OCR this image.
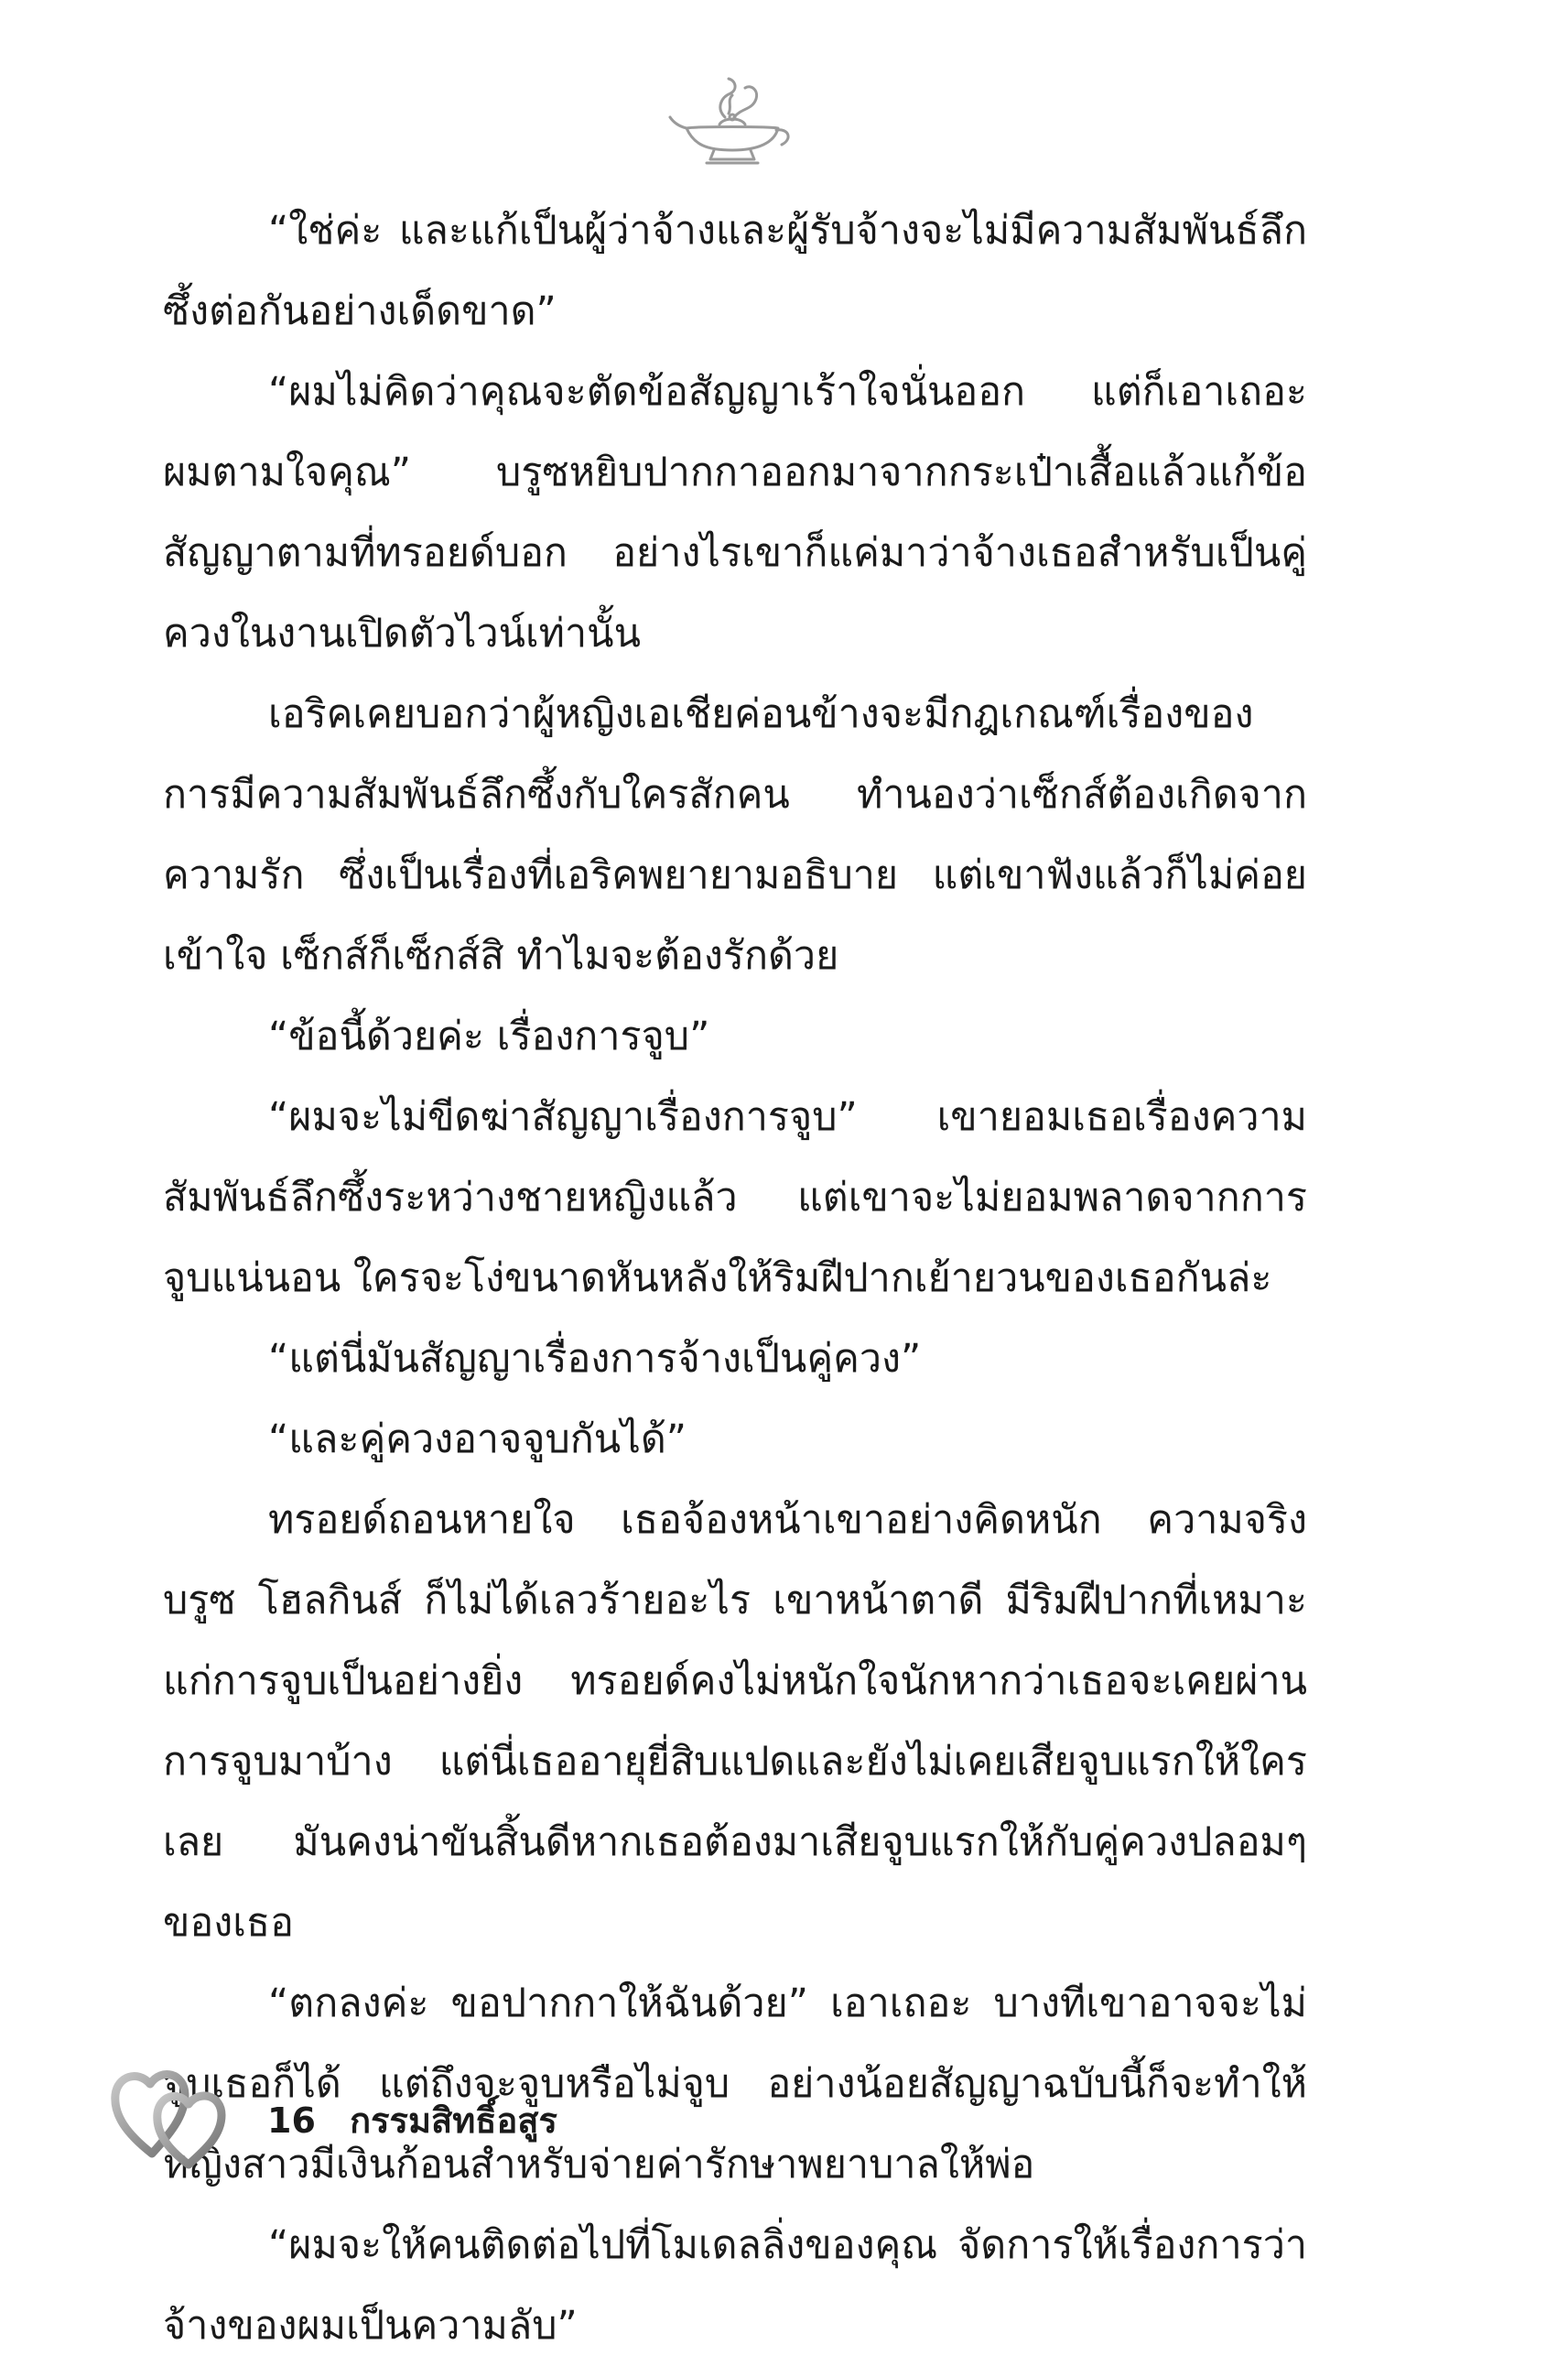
“ใช่ค่ะ และแก้เป็นผู้ว่าจ้างและผู้รับจ้างจะไม่มีความสัมพันธ์ลึกซึ้งต่อกันอย่างเด็ดขาด”

“ผมไม่คิดว่าคุณจะตัดข้อสัญญาเร้าใจนั่นออก แต่ก็เอาเถอะ ผมตามใจคุณ” บรูซหยิบปากกาออกมาจากกระเป๋าเสื้อแล้วแก้ข้อสัญญาตามที่ทรอยด์บอก อย่างไรเขาก็แค่มาว่าจ้างเธอสำหรับเป็นคู่ควงในงานเปิดตัวไวน์เท่านั้น

เอริคเคยบอกว่าผู้หญิงเอเชียค่อนข้างจะมีกฎเกณฑ์เรื่องของการมีความสัมพันธ์ลึกซึ้งกับใครสักคน ทำนองว่าเซ็กส์ต้องเกิดจากความรัก ซึ่งเป็นเรื่องที่เอริคพยายามอธิบาย แต่เขาฟังแล้วก็ไม่ค่อยเข้าใจ เซ็กส์ก็เซ็กส์สิ ทำไมจะต้องรักด้วย

“ข้อนี้ด้วยค่ะ เรื่องการจูบ”

“ผมจะไม่ขีดฆ่าสัญญาเรื่องการจูบ” เขายอมเธอเรื่องความสัมพันธ์ลึกซึ้งระหว่างชายหญิงแล้ว แต่เขาจะไม่ยอมพลาดจากการจูบแน่นอน ใครจะโง่ขนาดหันหลังให้ริมฝีปากเย้ายวนของเธอกันล่ะ

“แต่นี่มันสัญญาเรื่องการจ้างเป็นคู่ควง”

“และคู่ควงอาจจูบกันได้”

ทรอยด์ถอนหายใจ เธอจ้องหน้าเขาอย่างคิดหนัก ความจริง บรูซ โฮลกินส์ ก็ไม่ได้เลวร้ายอะไร เขาหน้าตาดี มีริมฝีปากที่เหมาะแก่การจูบเป็นอย่างยิ่ง ทรอยด์คงไม่หนักใจนักหากว่าเธอจะเคยผ่านการจูบมาบ้าง แต่นี่เธออายุยี่สิบแปดและยังไม่เคยเสียจูบแรกให้ใครเลย มันคงน่าขันสิ้นดีหากเธอต้องมาเสียจูบแรกให้กับคู่ควงปลอมๆ ของเธอ

“ตกลงค่ะ ขอปากกาให้ฉันด้วย” เอาเถอะ บางทีเขาอาจจะไม่จูบเธอก็ได้ แต่ถึงจะจูบหรือไม่จูบ อย่างน้อยสัญญาฉบับนี้ก็จะทำให้หญิงสาวมีเงินก้อนสำหรับจ่ายค่ารักษาพยาบาลให้พ่อ

“ผมจะให้คนติดต่อไปที่โมเดลลิ่งของคุณ จัดการให้เรื่องการว่าจ้างของผมเป็นความลับ”

16 กรรมสิทธิ์อสูร
